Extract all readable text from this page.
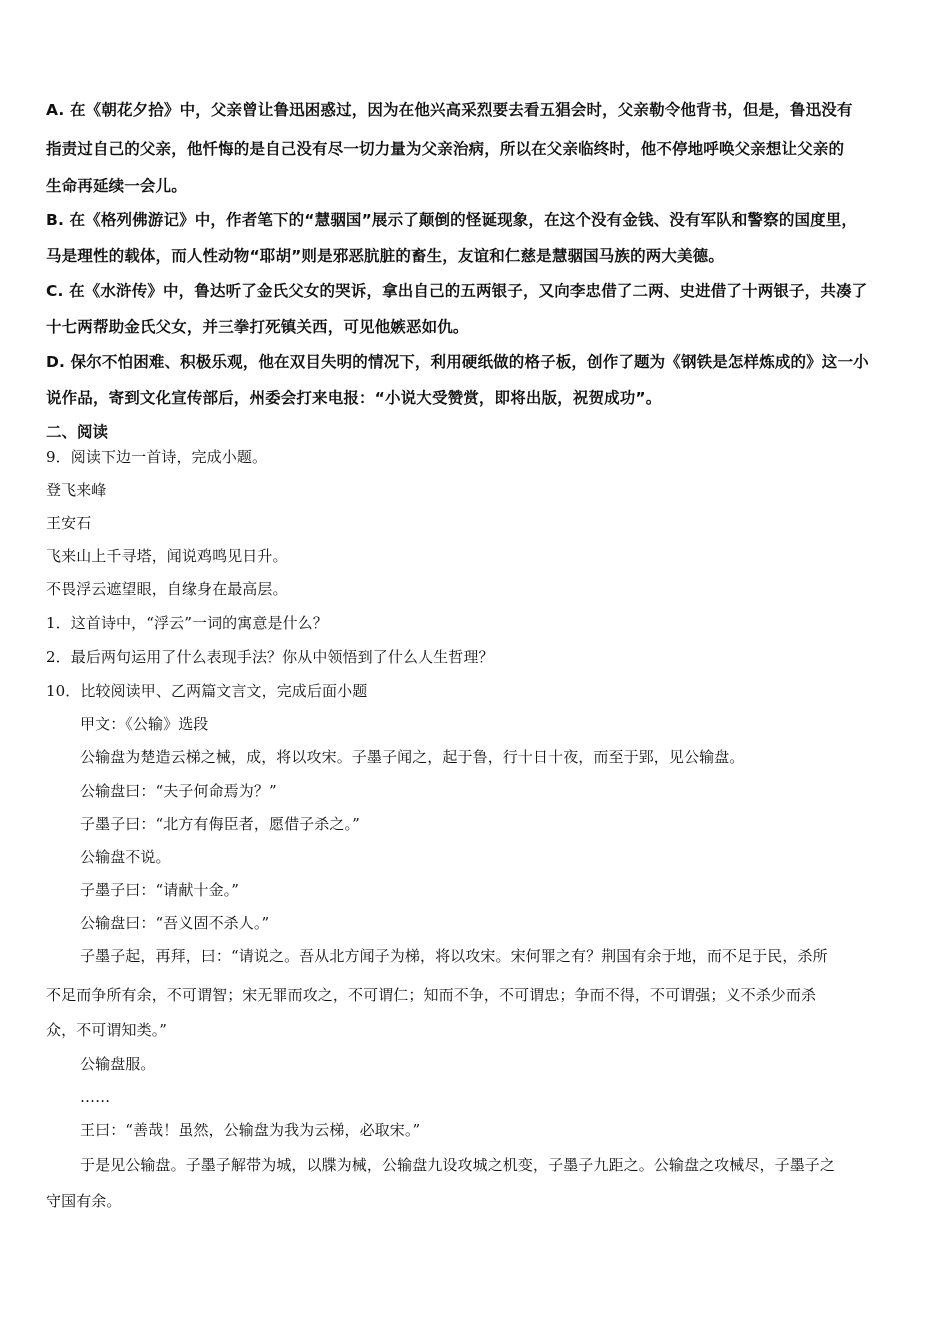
A. 在《朝花夕拾》中，父亲曾让鲁迅困惑过，因为在他兴高采烈要去看五猖会时，父亲勒令他背书，但是，鲁迅没有
指责过自己的父亲，他忏悔的是自己没有尽一切力量为父亲治病，所以在父亲临终时，他不停地呼唤父亲想让父亲的
生命再延续一会儿。
B. 在《格列佛游记》中，作者笔下的“慧骃国”展示了颠倒的怪诞现象，在这个没有金钱、没有军队和警察的国度里，
马是理性的载体，而人性动物“耶胡”则是邪恶肮脏的畜生，友谊和仁慈是慧骃国马族的两大美德。
C. 在《水浒传》中，鲁达听了金氏父女的哭诉，拿出自己的五两银子，又向李忠借了二两、史进借了十两银子，共凑了
十七两帮助金氏父女，并三拳打死镇关西，可见他嫉恶如仇。
D. 保尔不怕困难、积极乐观，他在双目失明的情况下，利用硬纸做的格子板，创作了题为《钢铁是怎样炼成的》这一小
说作品，寄到文化宣传部后，州委会打来电报：“小说大受赞赏，即将出版，祝贺成功”。
二、阅读
9．阅读下边一首诗，完成小题。
登飞来峰
王安石
飞来山上千寻塔，闻说鸡鸣见日升。
不畏浮云遮望眼，自缘身在最高层。
1．这首诗中，“浮云”一词的寓意是什么？
2．最后两句运用了什么表现手法？你从中领悟到了什么人生哲理？
10．比较阅读甲、乙两篇文言文，完成后面小题
甲文：《公输》选段
公输盘为楚造云梯之械，成，将以攻宋。子墨子闻之，起于鲁，行十日十夜，而至于郢，见公输盘。
公输盘曰：“夫子何命焉为？”
子墨子曰：“北方有侮臣者，愿借子杀之。”
公输盘不说。
子墨子曰：“请献十金。”
公输盘曰：“吾义固不杀人。”
子墨子起，再拜，曰：“请说之。吾从北方闻子为梯，将以攻宋。宋何罪之有？荆国有余于地，而不足于民，杀所
不足而争所有余，不可谓智；宋无罪而攻之，不可谓仁；知而不争，不可谓忠；争而不得，不可谓强；义不杀少而杀
众，不可谓知类。”
公输盘服。
……
王曰：“善哉！虽然，公输盘为我为云梯，必取宋。”
于是见公输盘。子墨子解带为城，以牒为械，公输盘九设攻城之机变，子墨子九距之。公输盘之攻械尽，子墨子之
守国有余。
